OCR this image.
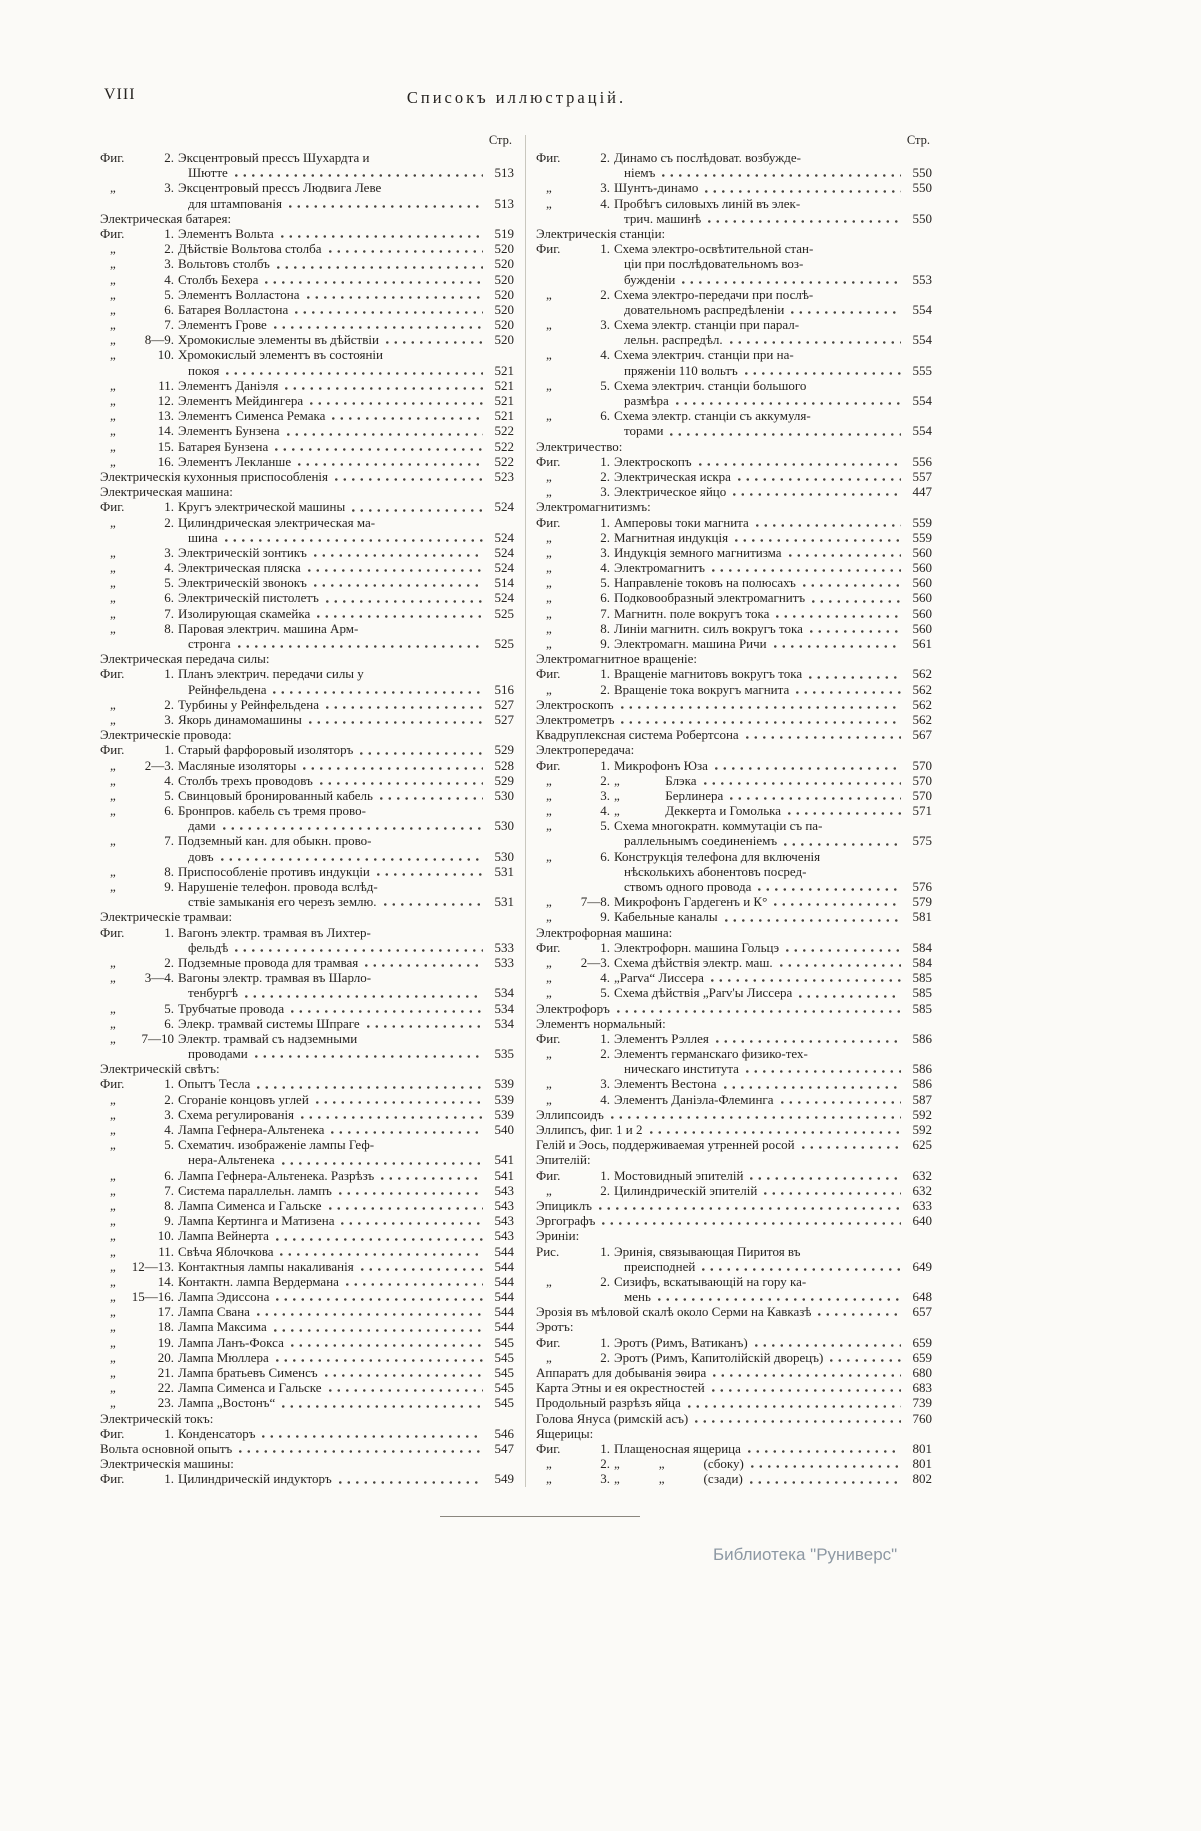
VIII	Списокъ иллюстрацій.
Стр.
Фиг.	2. Эксцентровый прессъ Шухардта и
Шютте	513
„	3. Эксцентровый прессъ Людвига Леве
для штампованія	513
Электрическая батарея:
Фиг.	1. Элементъ Вольта	519
„	2. Дѣйствіе Вольтова столба	520
„	3. Вольтовъ столбъ	520
„	4. Столбъ Бехера	520
„	5. Элементъ Волластона	520
„	6. Батарея Волластона	520
„	7. Элементъ Грове	520
„ 8—9. Хромокислые элементы въ дѣйствіи	520
„	10. Хромокислый элементъ въ состояніи
покоя	521
„	11. Элементъ Даніэля	521
„	12. Элементъ Мейдингера	521
„	13. Элементъ Сименса Ремака	521
„	14. Элементъ Бунзена	522
„	15. Батарея Бунзена	522
„	16. Элементъ Лекланше	522
Электрическія кухонныя приспособленія	523
Электрическая машина:
Фиг.	1. Кругъ электрической машины	524
„	2. Цилиндрическая электрическая ма-
шина	524
„	3. Электрическій зонтикъ	524
„	4. Электрическая пляска	524
„	5. Электрическій звонокъ	514
„	6. Электрическій пистолетъ	524
„	7. Изолирующая скамейка	525
„	8. Паровая электрич. машина Арм-
стронга	525
Электрическая передача силы:
Фиг.	1. Планъ электрич. передачи силы у
Рейнфельдена	516
„	2. Турбины у Рейнфельдена	527
„	3. Якорь динамомашины	527
Электрическіе провода:
Фиг.	1. Старый фарфоровый изоляторъ	529
„ 2—3. Масляные изоляторы	528
„	4. Столбъ трехъ проводовъ	529
„	5. Свинцовый бронированный кабель	530
„	6. Бронпров. кабель съ тремя прово-
дами	530
„	7. Подземный кан. для обыкн. прово-
довъ	530
„	8. Приспособленіе противъ индукціи	531
„	9. Нарушеніе телефон. провода вслѣд-
ствіе замыканія его черезъ землю.	531
Электрическіе трамваи:
Фиг.	1. Вагонъ электр. трамвая въ Лихтер-
фельдѣ	533
„	2. Подземные провода для трамвая	533
„ 3—4. Вагоны электр. трамвая въ Шарло-
тенбургѣ	534
„	5. Трубчатые провода	534
„	6. Элекр. трамвай системы Шпраге	534
„ 7—10 Электр. трамвай съ надземными
проводами	535
Электрическій свѣтъ:
Фиг.	1. Опытъ Тесла	539
„	2. Сгораніе концовъ углей	539
„	3. Схема регулированія	539
„	4. Лампа Гефнера-Альтенека	540
„	5. Схематич. изображеніе лампы Геф-
нера-Альтенека	541
„	6. Лампа Гефнера-Альтенека. Разрѣзъ	541
„	7. Система параллельн. лампъ	543
„	8. Лампа Сименса и Гальске	543
„	9. Лампа Кертинга и Матизена	543
„	10. Лампа Вейнерта	543
„	11. Свѣча Яблочкова	544
„ 12—13. Контактныя лампы накаливанія	544
„	14. Контактн. лампа Вердермана	544
„ 15—16. Лампа Эдиссона	544
„	17. Лампа Свана	544
„	18. Лампа Максима	544
„	19. Лампа Ланъ-Фокса	545
„	20. Лампа Мюллера	545
„	21. Лампа братьевъ Сименсъ	545
„	22. Лампа Сименса и Гальске	545
„	23. Лампа „Востонъ“	545
Электрическій токъ:
Фиг.	1. Конденсаторъ	546
Вольта основной опытъ	547
Электрическія машины:
Фиг.	1. Цилиндрическій индукторъ	549
Стр.
Фиг.	2. Динамо съ послѣдоват. возбужде-
ніемъ	550
„	3. Шунтъ-динамо	550
„	4. Пробѣгъ силовыхъ линій въ элек-
трич. машинѣ	550
Электрическія станціи:
Фиг.	1. Схема электро-освѣтительной стан-
ціи при послѣдовательномъ воз-
бужденіи	553
„	2. Схема электро-передачи при послѣ-
довательномъ распредѣленіи	554
„	3. Схема электр. станціи при парал-
лельн. распредѣл.	554
„	4. Схема электрич. станціи при на-
пряженіи 110 вольтъ	555
„	5. Схема электрич. станціи большого
размѣра	554
„	6. Схема электр. станціи съ аккумуля-
торами	554
Электричество:
Фиг.	1. Электроскопъ	556
„	2. Электрическая искра	557
„	3. Электрическое яйцо	447
Электромагнитизмъ:
Фиг.	1. Амперовы токи магнита	559
„	2. Магнитная индукція	559
„	3. Индукція земного магнитизма	560
„	4. Электромагнитъ	560
„	5. Направленіе токовъ на полюсахъ	560
„	6. Подковообразный электромагнитъ	560
„	7. Магнитн. поле вокругъ тока	560
„	8. Линіи магнитн. силъ вокругъ тока	560
„	9. Электромагн. машина Ричи	561
Электромагнитное вращеніе:
Фиг.	1. Вращеніе магнитовъ вокругъ тока	562
„	2. Вращеніе тока вокругъ магнита	562
Электроскопъ	562
Электрометръ	562
Квадруплексная система Робертсона	567
Электропередача:
Фиг.	1. Микрофонъ Юза	570
„	2. „              Блэка	570
„	3. „              Берлинера	570
„	4. „              Деккерта и Гомолька	571
„	5. Схема многократн. коммутаціи съ па-
раллельнымъ соединеніемъ	575
„	6. Конструкція телефона для включенія
нѣсколькихъ абонентовъ посред-
ствомъ одного провода	576
„ 7—8. Микрофонъ Гардегенъ и К°	579
„	9. Кабельные каналы	581
Электрофорная машина:
Фиг.	1. Электрофорн. машина Гольцэ	584
„ 2—3. Схема дѣйствія электр. маш.	584
„	4. „Parva“ Лиссера	585
„	5. Схема дѣйствія „Parv'ы Лиссера	585
Электрофоръ	585
Элементъ нормальный:
Фиг.	1. Элементъ Рэллея	586
„	2. Элементъ германскаго физико-тех-
ническаго института	586
„	3. Элементъ Вестона	586
„	4. Элементъ Даніэла-Флеминга	587
Эллипсоидъ	592
Эллипсъ, фиг. 1 и 2	592
Гелій и Эось, поддерживаемая утренней росой	625
Эпителій:
Фиг.	1. Мостовидный эпителій	632
„	2. Цилиндрическій эпителій	632
Эпициклъ	633
Эргографъ	640
Эриніи:
Рис.	1. Эринія, связывающая Пиритоя въ
преисподней	649
„	2. Сизифъ, вскатывающій на гору ка-
мень	648
Эрозія въ мѣловой скалѣ около Серми на Кавказѣ	657
Эротъ:
Фиг.	1. Эротъ (Римъ, Ватиканъ)	659
„	2. Эротъ (Римъ, Капитолійскій дворецъ)	659
Аппаратъ для добыванія эѳира	680
Карта Этны и ея окрестностей	683
Продольный разрѣзъ яйца	739
Голова Януса (римскій асъ)	760
Ящерицы:
Фиг.	1. Плащеносная ящерица	801
„	2. „            „            (сбоку)	801
„	3. „            „            (сзади)	802
Библиотека "Руниверс"
